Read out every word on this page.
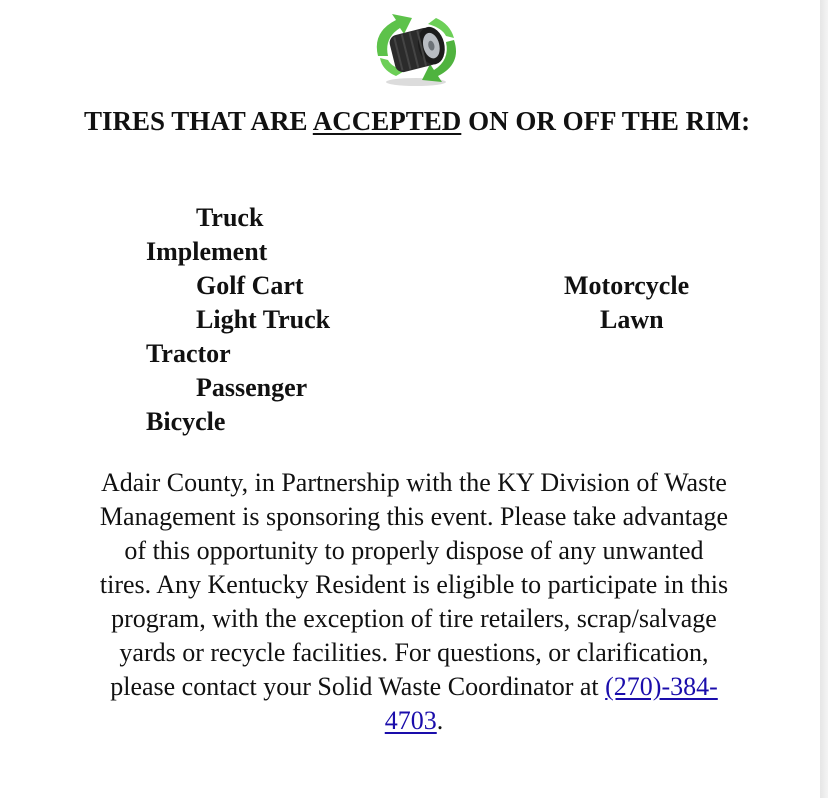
TIRES THAT ARE ACCEPTED ON OR OFF THE RIM:
Truck
Implement
Golf Cart
Light Truck
Tractor
Passenger
Bicycle
Motorcycle
Lawn
Adair County, in Partnership with the KY Division of Waste Management is sponsoring this event. Please take advantage of this opportunity to properly dispose of any unwanted tires. Any Kentucky Resident is eligible to participate in this program, with the exception of tire retailers, scrap/salvage yards or recycle facilities. For questions, or clarification, please contact your Solid Waste Coordinator at (270)-384-4703.
